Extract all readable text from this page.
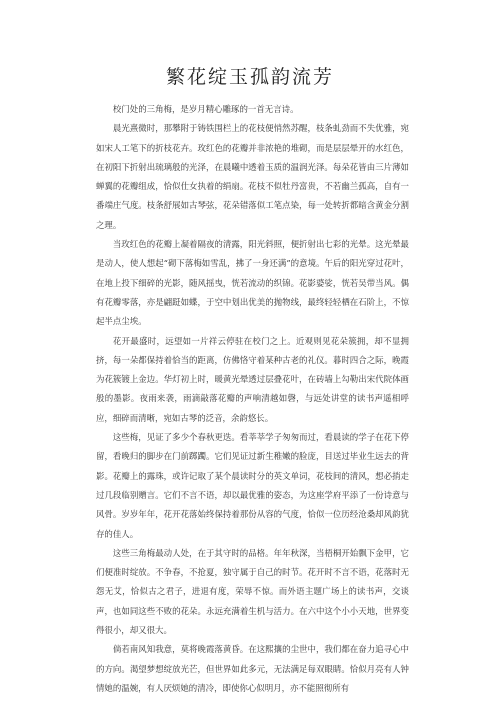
繁花绽玉孤韵流芳

校门处的三角梅，是岁月精心雕琢的一首无言诗。

晨光熹微时，那攀附于铸铁围栏上的花枝便悄然苏醒，枝条虬劲而不失优雅，宛如宋人工笔下的折枝花卉。玫红色的花瓣并非浓艳的堆砌，而是层层晕开的水红色，在初阳下折射出琉璃般的光泽，在晨曦中透着玉质的温润光泽。每朵花皆由三片薄如蝉翼的花瓣组成，恰似仕女执着的绢扇。花枝不似牡丹富贵，不若幽兰孤高，自有一番端庄气度。枝条舒展如古琴弦，花朵错落似工笔点染，每一处转折都暗含黄金分割之理。

当玫红色的花瓣上凝着隔夜的清露，阳光斜照，便折射出七彩的光晕。这光晕最是动人，使人想起“砌下落梅如雪乱，拂了一身还满”的意境。午后的阳光穿过花叶，在地上投下细碎的光影，随风摇曳，恍若流动的织锦。花影婆娑，恍若吴带当风。偶有花瓣零落，亦是翩跹如蝶，于空中划出优美的抛物线，最终轻轻栖在石阶上，不惊起半点尘埃。

花开最盛时，远望如一片祥云停驻在校门之上。近观则见花朵簇拥，却不显拥挤，每一朵都保持着恰当的距离，仿佛恪守着某种古老的礼仪。暮时四合之际，晚霞为花簇镀上金边。华灯初上时，暖黄光晕透过层叠花叶，在砖墙上勾勒出宋代院体画般的墨影。夜雨来袭，雨滴敲落花瓣的声响清越如磬，与远处讲堂的读书声遥相呼应，细碎而清晰，宛如古琴的泛音，余韵悠长。

这些梅，见证了多少个春秋更迭。看莘莘学子匆匆而过，看晨读的学子在花下停留，看晚归的脚步在门前踯躅。它们见证过新生稚嫩的脸庞，目送过毕业生远去的背影。花瓣上的露珠，或许记取了某个晨读时分的英文单词，花枝间的清风，想必捎走过几段临别赠言。它们不言不语，却以最优雅的姿态，为这座学府平添了一份诗意与风骨。岁岁年年，花开花落始终保持着那份从容的气度，恰似一位历经沧桑却风韵犹存的佳人。

这些三角梅最动人处，在于其守时的品格。年年秋深，当梧桐开始飘下金甲，它们便准时绽放。不争春，不抢夏，独守属于自己的时节。花开时不言不语，花落时无怨无艾，恰似古之君子，进退有度，荣辱不惊。而外语主题广场上的读书声，交谈声，也如同这些不败的花朵。永远充满着生机与活力。在六中这个小小天地，世界变得很小，却又很大。

倘若南风知我意，莫将晚霞落黄昏。在这熙攘的尘世中，我们都在奋力追寻心中的方向。渴望梦想绽放光芒，但世界如此多元，无法满足每双眼睛。恰似月亮有人钟情她的温婉，有人厌烦她的清冷，即使你心似明月，亦不能照彻所有
